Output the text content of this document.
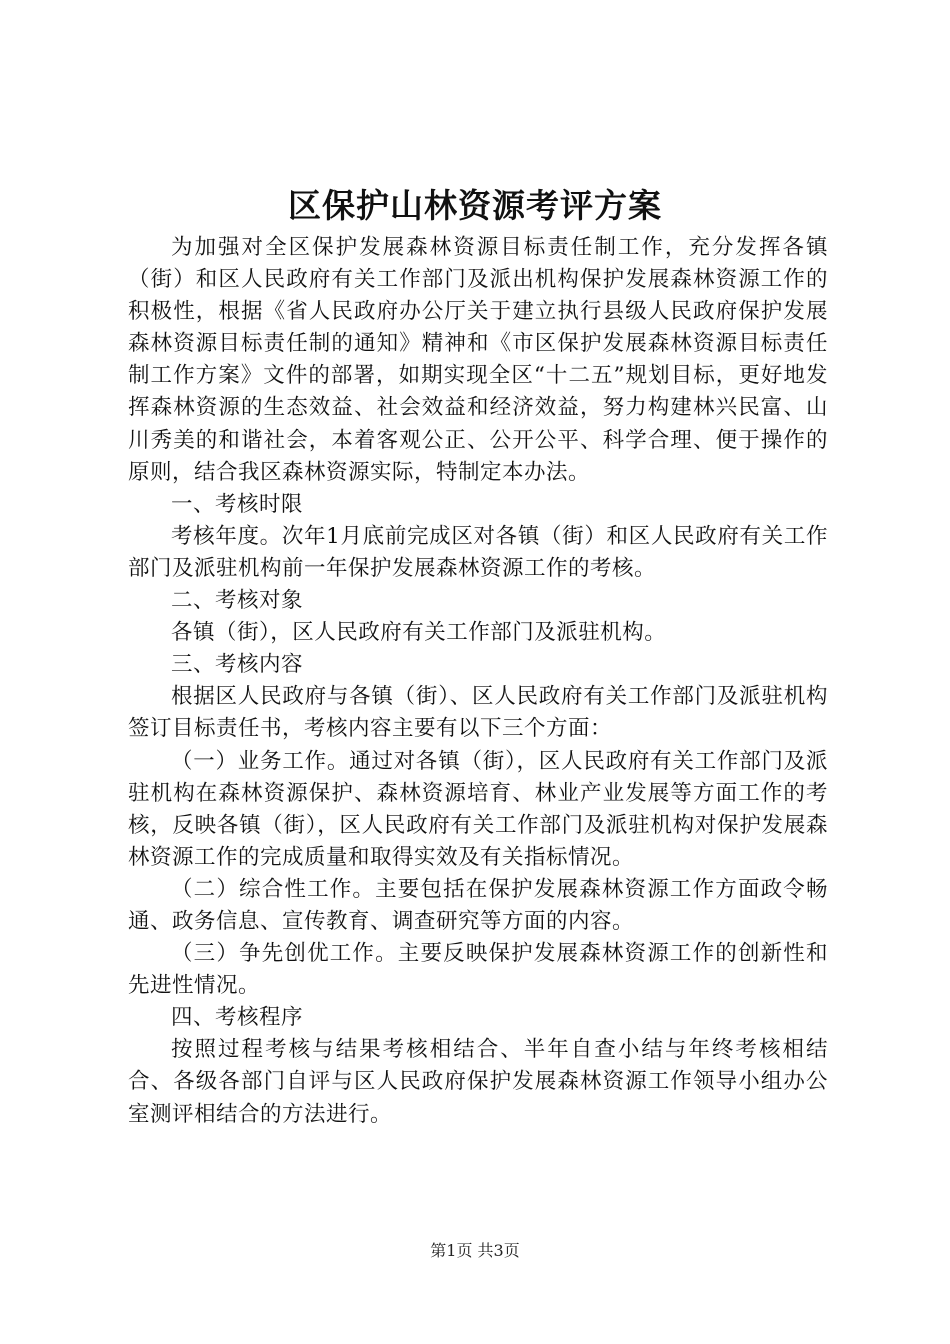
区保护山林资源考评方案

为加强对全区保护发展森林资源目标责任制工作，充分发挥各镇（街）和区人民政府有关工作部门及派出机构保护发展森林资源工作的积极性，根据《省人民政府办公厅关于建立执行县级人民政府保护发展森林资源目标责任制的通知》精神和《市区保护发展森林资源目标责任制工作方案》文件的部署，如期实现全区“十二五”规划目标，更好地发挥森林资源的生态效益、社会效益和经济效益，努力构建林兴民富、山川秀美的和谐社会，本着客观公正、公开公平、科学合理、便于操作的原则，结合我区森林资源实际，特制定本办法。

一、考核时限

考核年度。次年1月底前完成区对各镇（街）和区人民政府有关工作部门及派驻机构前一年保护发展森林资源工作的考核。

二、考核对象

各镇（街），区人民政府有关工作部门及派驻机构。

三、考核内容

根据区人民政府与各镇（街）、区人民政府有关工作部门及派驻机构签订目标责任书，考核内容主要有以下三个方面：

（一）业务工作。通过对各镇（街），区人民政府有关工作部门及派驻机构在森林资源保护、森林资源培育、林业产业发展等方面工作的考核，反映各镇（街），区人民政府有关工作部门及派驻机构对保护发展森林资源工作的完成质量和取得实效及有关指标情况。

（二）综合性工作。主要包括在保护发展森林资源工作方面政令畅通、政务信息、宣传教育、调查研究等方面的内容。

（三）争先创优工作。主要反映保护发展森林资源工作的创新性和先进性情况。

四、考核程序

按照过程考核与结果考核相结合、半年自查小结与年终考核相结合、各级各部门自评与区人民政府保护发展森林资源工作领导小组办公室测评相结合的方法进行。

第1页 共3页
